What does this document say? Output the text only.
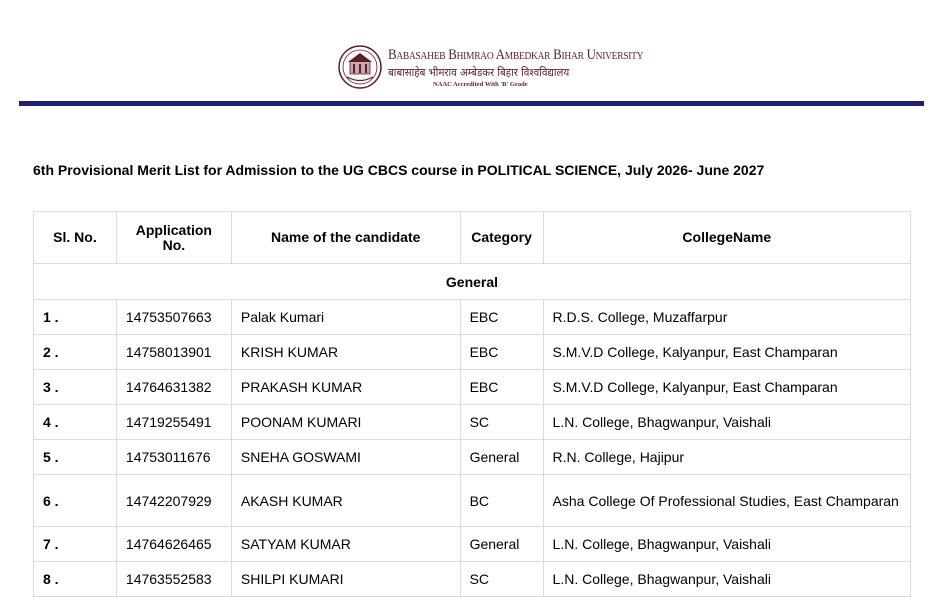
Babasaheb Bhimrao Ambedkar Bihar University
बाबासाहेब भीमराव अम्बेडकर बिहार विश्वविद्यालय
NAAC Accredited With 'B' Grade
6th Provisional Merit List for Admission to the UG CBCS course in POLITICAL SCIENCE, July 2026- June 2027
Sl. No.	Application No.	Name of the candidate	Category	CollegeName
General				
1 .	14753507663	Palak Kumari	EBC	R.D.S. College, Muzaffarpur
2 .	14758013901	KRISH KUMAR	EBC	S.M.V.D College, Kalyanpur, East Champaran
3 .	14764631382	PRAKASH KUMAR	EBC	S.M.V.D College, Kalyanpur, East Champaran
4 .	14719255491	POONAM KUMARI	SC	L.N. College, Bhagwanpur, Vaishali
5 .	14753011676	SNEHA GOSWAMI	General	R.N. College, Hajipur
6 .	14742207929	AKASH KUMAR	BC	Asha College Of Professional Studies, East Champaran
7 .	14764626465	SATYAM KUMAR	General	L.N. College, Bhagwanpur, Vaishali
8 .	14763552583	SHILPI KUMARI	SC	L.N. College, Bhagwanpur, Vaishali
